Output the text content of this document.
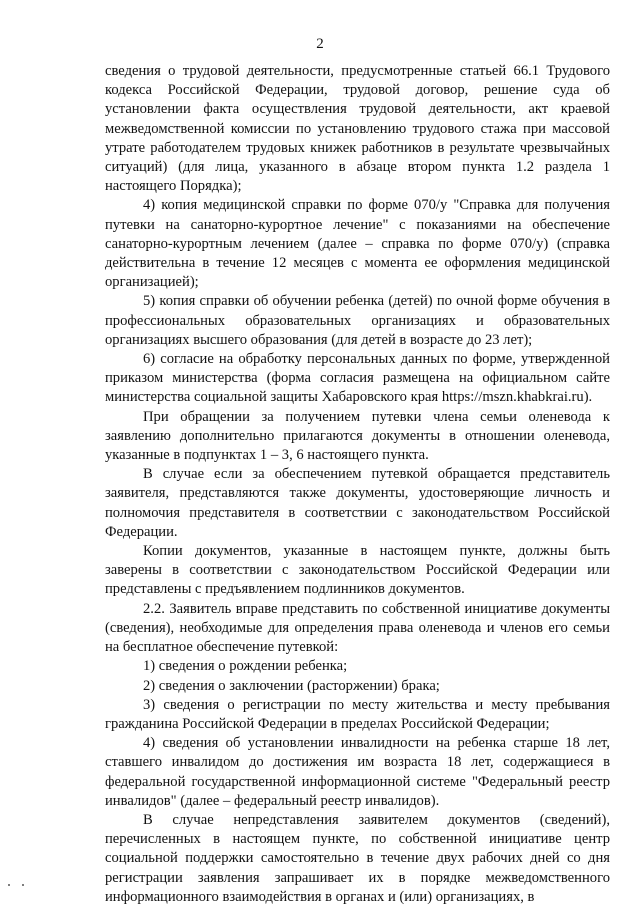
2

сведения о трудовой деятельности, предусмотренные статьей 66.1 Трудового кодекса Российской Федерации, трудовой договор, решение суда об установлении факта осуществления трудовой деятельности, акт краевой межведомственной комиссии по установлению трудового стажа при массовой утрате работодателем трудовых книжек работников в результате чрезвычайных ситуаций) (для лица, указанного в абзаце втором пункта 1.2 раздела 1 настоящего Порядка);

4) копия медицинской справки по форме 070/у "Справка для получения путевки на санаторно-курортное лечение" с показаниями на обеспечение санаторно-курортным лечением (далее – справка по форме 070/у) (справка действительна в течение 12 месяцев с момента ее оформления медицинской организацией);

5) копия справки об обучении ребенка (детей) по очной форме обучения в профессиональных образовательных организациях и образовательных организациях высшего образования (для детей в возрасте до 23 лет);

6) согласие на обработку персональных данных по форме, утвержденной приказом министерства (форма согласия размещена на официальном сайте министерства социальной защиты Хабаровского края https://mszn.khabkrai.ru).

При обращении за получением путевки члена семьи оленевода к заявлению дополнительно прилагаются документы в отношении оленевода, указанные в подпунктах 1 – 3, 6 настоящего пункта.

В случае если за обеспечением путевкой обращается представитель заявителя, представляются также документы, удостоверяющие личность и полномочия представителя в соответствии с законодательством Российской Федерации.

Копии документов, указанные в настоящем пункте, должны быть заверены в соответствии с законодательством Российской Федерации или представлены с предъявлением подлинников документов.

2.2. Заявитель вправе представить по собственной инициативе документы (сведения), необходимые для определения права оленевода и членов его семьи на бесплатное обеспечение путевкой:

1) сведения о рождении ребенка;

2) сведения о заключении (расторжении) брака;

3) сведения о регистрации по месту жительства и месту пребывания гражданина Российской Федерации в пределах Российской Федерации;

4) сведения об установлении инвалидности на ребенка старше 18 лет, ставшего инвалидом до достижения им возраста 18 лет, содержащиеся в федеральной государственной информационной системе "Федеральный реестр инвалидов" (далее – федеральный реестр инвалидов).

В случае непредставления заявителем документов (сведений), перечисленных в настоящем пункте, по собственной инициативе центр социальной поддержки самостоятельно в течение двух рабочих дней со дня регистрации заявления запрашивает их в порядке межведомственного информационного взаимодействия в органах и (или) организациях, в
